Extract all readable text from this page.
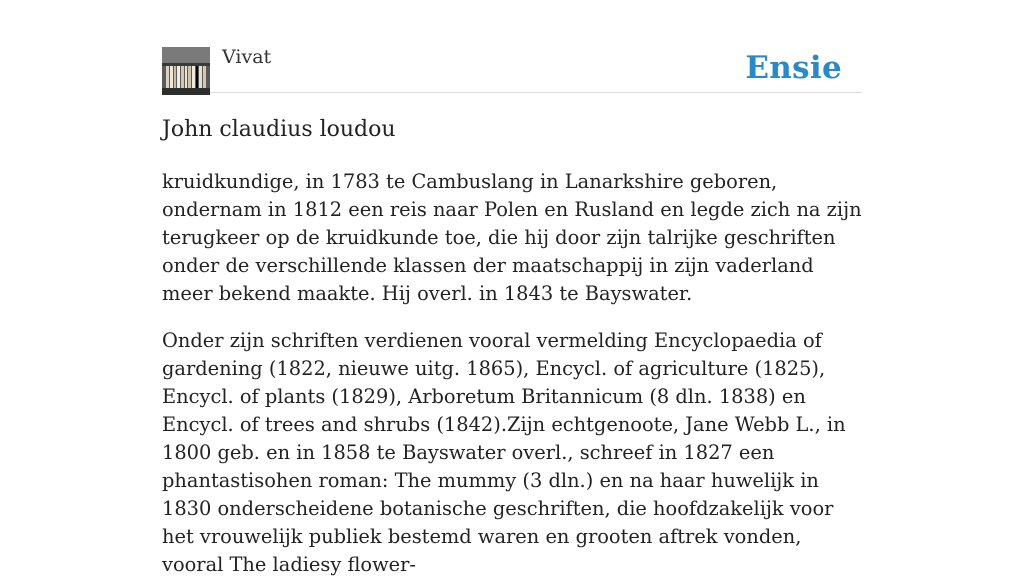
Vivat	Ensie
John claudius loudou

kruidkundige, in 1783 te Cambuslang in Lanarkshire geboren, ondernam in 1812 een reis naar Polen en Rusland en legde zich na zijn terugkeer op de kruidkunde toe, die hij door zijn talrijke geschriften onder de verschillende klassen der maatschappij in zijn vaderland meer bekend maakte. Hij overl. in 1843 te Bayswater.

Onder zijn schriften verdienen vooral vermelding Encyclopaedia of gardening (1822, nieuwe uitg. 1865), Encycl. of agriculture (1825), Encycl. of plants (1829), Arboretum Britannicum (8 dln. 1838) en Encycl. of trees and shrubs (1842).Zijn echtgenoote, Jane Webb L., in 1800 geb. en in 1858 te Bayswater overl., schreef in 1827 een phantastisohen roman: The mummy (3 dln.) en na haar huwelijk in 1830 onderscheidene botanische geschriften, die hoofdzakelijk voor het vrouwelijk publiek bestemd waren en grooten aftrek vonden, vooral The ladiesy flower-
